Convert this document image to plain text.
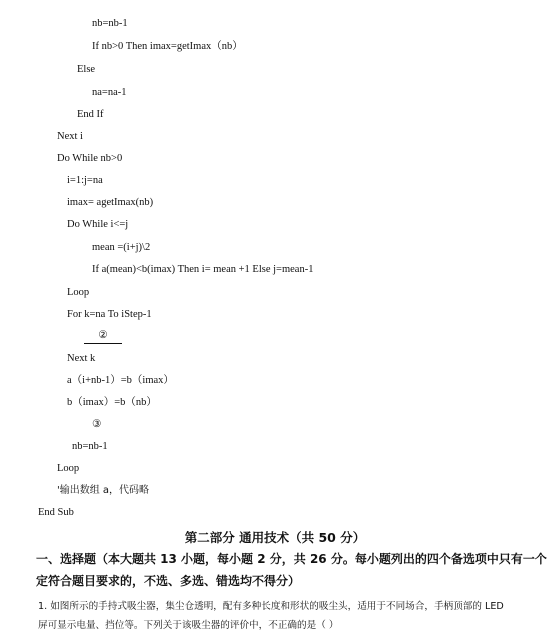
nb=nb-1
If nb>0 Then imax=getImax（nb）
Else
na=na-1
End If
Next i
Do While nb>0
i=1:j=na
imax= agetImax(nb)
Do While i<=j
mean =(i+j)\2
If a(mean)<b(imax) Then i= mean +1 Else j=mean-1
Loop
For k=na To iStep-1
②
Next k
a（i+nb-1）=b（imax）
b（imax）=b（nb）
③
nb=nb-1
Loop
'输出数组 a，代码略
End Sub
第二部分 通用技术（共 50 分）
一、选择题（本大题共 13 小题，每小题 2 分，共 26 分。每小题列出的四个备选项中只有一个
定符合题目要求的，不选、多选、错选均不得分）
1. 如图所示的手持式吸尘器，集尘仓透明，配有多种长度和形状的吸尘头，适用于不同场合，手柄顶部的 LED
屏可显示电量、挡位等。下列关于该吸尘器的评价中，不正确的是（ ）
